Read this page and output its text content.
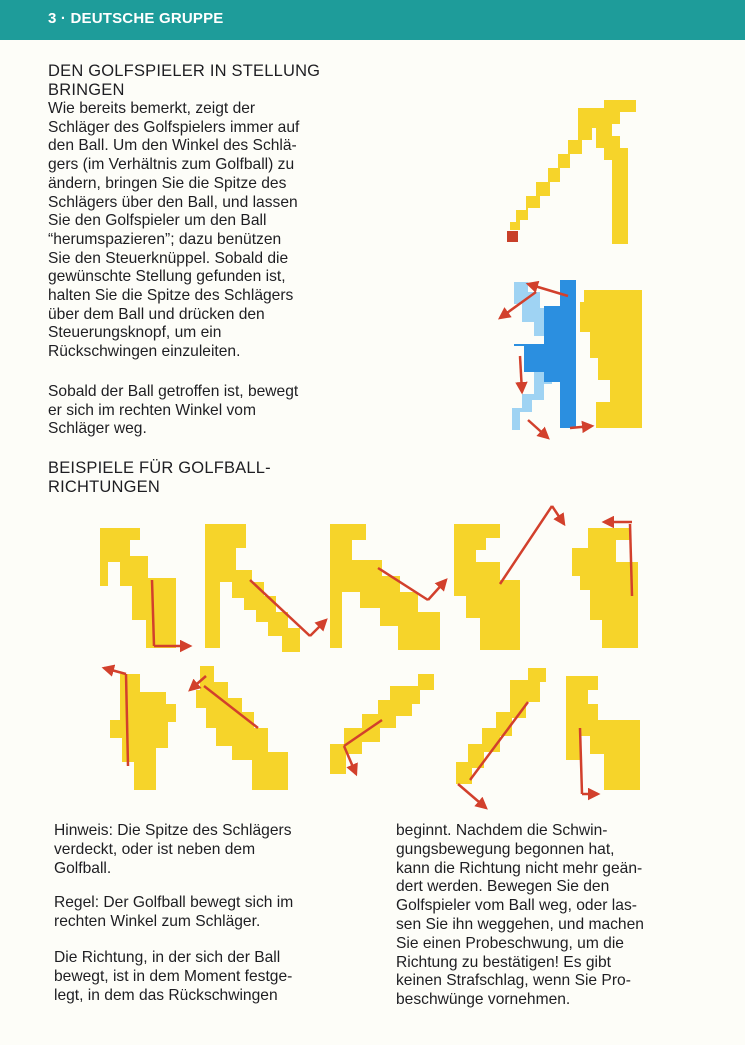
3 · DEUTSCHE GRUPPE
DEN GOLFSPIELER IN STELLUNG
BRINGEN
Wie bereits bemerkt, zeigt der
Schläger des Golfspielers immer auf
den Ball. Um den Winkel des Schlä-
gers (im Verhältnis zum Golfball) zu
ändern, bringen Sie die Spitze des
Schlägers über den Ball, und lassen
Sie den Golfspieler um den Ball
“herumspazieren”; dazu benützen
Sie den Steuerknüppel. Sobald die
gewünschte Stellung gefunden ist,
halten Sie die Spitze des Schlägers
über dem Ball und drücken den
Steuerungsknopf, um ein
Rückschwingen einzuleiten.
Sobald der Ball getroffen ist, bewegt
er sich im rechten Winkel vom
Schläger weg.
BEISPIELE FÜR GOLFBALL-
RICHTUNGEN
Hinweis: Die Spitze des Schlägers
verdeckt, oder ist neben dem
Golfball.
Regel: Der Golfball bewegt sich im
rechten Winkel zum Schläger.
Die Richtung, in der sich der Ball
bewegt, ist in dem Moment festge-
legt, in dem das Rückschwingen
beginnt. Nachdem die Schwin-
gungsbewegung begonnen hat,
kann die Richtung nicht mehr geän-
dert werden. Bewegen Sie den
Golfspieler vom Ball weg, oder las-
sen Sie ihn weggehen, und machen
Sie einen Probeschwung, um die
Richtung zu bestätigen! Es gibt
keinen Strafschlag, wenn Sie Pro-
beschwünge vornehmen.
